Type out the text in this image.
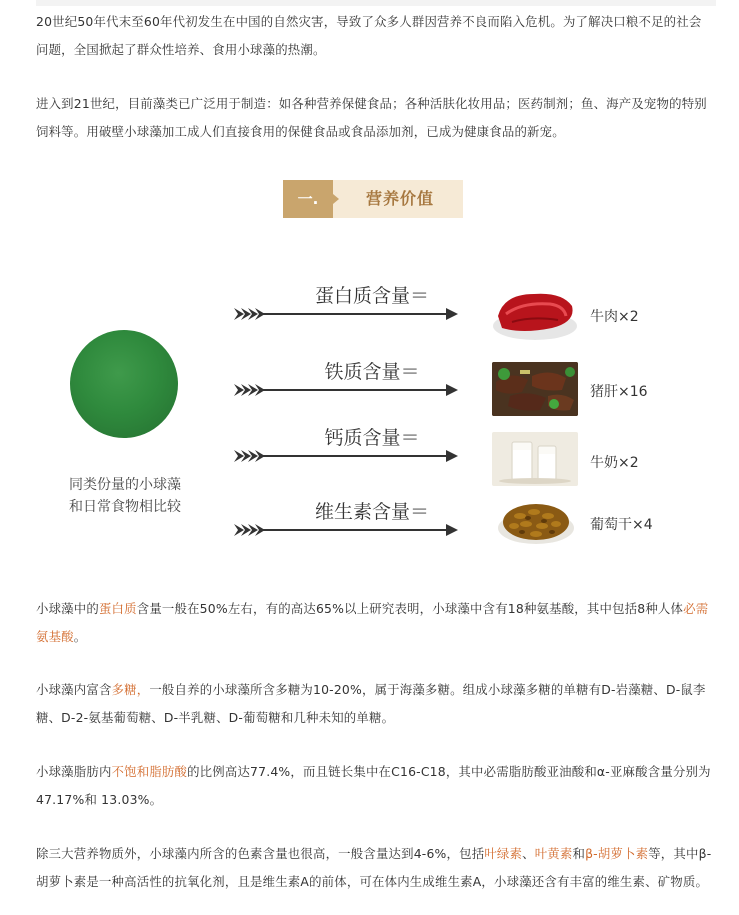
20世纪50年代末至60年代初发生在中国的自然灾害，导致了众多人群因营养不良而陷入危机。为了解决口粮不足的社会问题，全国掀起了群众性培养、食用小球藻的热潮。

进入到21世纪，目前藻类已广泛用于制造：如各种营养保健食品；各种活肤化妆用品；医药制剂；鱼、海产及宠物的特别饲料等。用破壁小球藻加工成人们直接食用的保健食品或食品添加剂，已成为健康食品的新宠。

一.	营养价值

同类份量的小球藻
和日常食物相比较

蛋白质含量＝
牛肉×2
铁质含量＝
猪肝×16
钙质含量＝
牛奶×2
维生素含量＝
葡萄干×4

小球藻中的蛋白质含量一般在50%左右，有的高达65%以上研究表明，小球藻中含有18种氨基酸，其中包括8种人体必需氨基酸。

小球藻内富含多糖，一般自养的小球藻所含多糖为10-20%，属于海藻多糖。组成小球藻多糖的单糖有D-岩藻糖、D-鼠李糖、D-2-氨基葡萄糖、D-半乳糖、D-葡萄糖和几种未知的单糖。

小球藻脂肪内不饱和脂肪酸的比例高达77.4%，而且链长集中在C16-C18，其中必需脂肪酸亚油酸和α-亚麻酸含量分别为47.17%和 13.03%。

除三大营养物质外，小球藻内所含的色素含量也很高，一般含量达到4-6%，包括叶绿素、叶黄素和β-胡萝卜素等，其中β-胡萝卜素是一种高活性的抗氧化剂，且是维生素A的前体，可在体内生成维生素A，小球藻还含有丰富的维生素、矿物质。
